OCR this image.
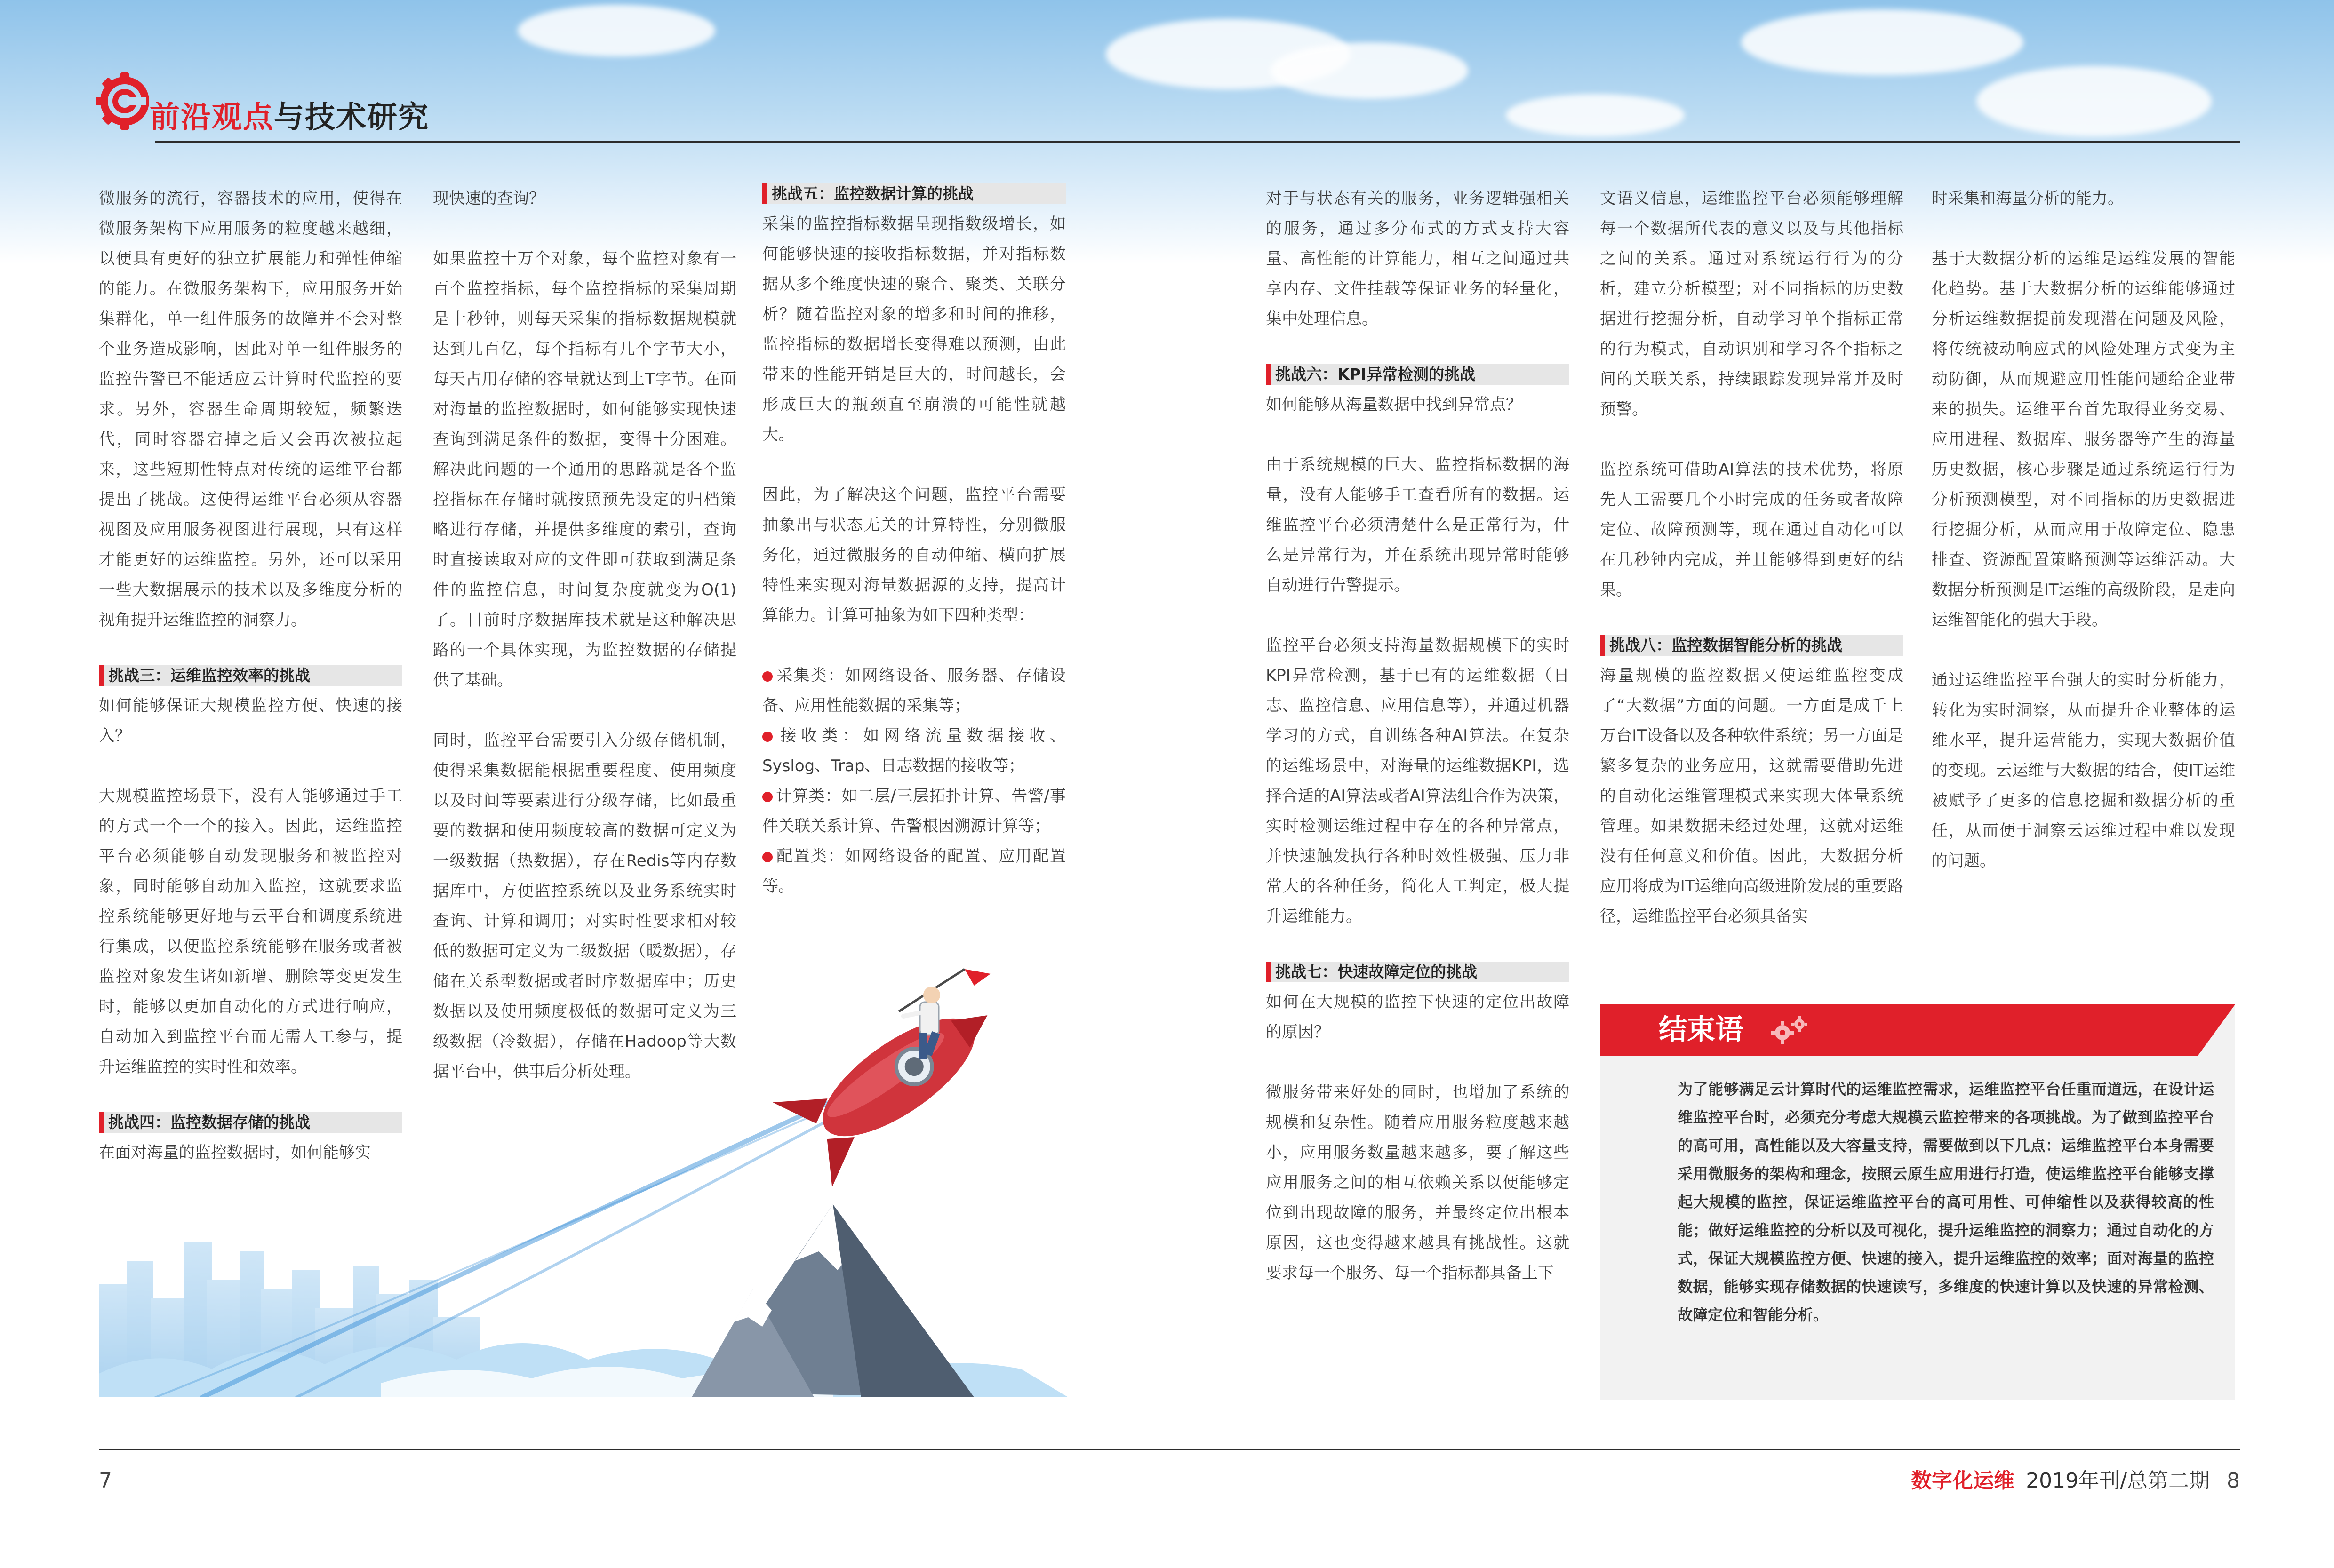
前沿观点与技术研究

微服务的流行，容器技术的应用，使得在微服务架构下应用服务的粒度越来越细，以便具有更好的独立扩展能力和弹性伸缩的能力。在微服务架构下，应用服务开始集群化，单一组件服务的故障并不会对整个业务造成影响，因此对单一组件服务的监控告警已不能适应云计算时代监控的要求。另外，容器生命周期较短，频繁迭代，同时容器宕掉之后又会再次被拉起来，这些短期性特点对传统的运维平台都提出了挑战。这使得运维平台必须从容器视图及应用服务视图进行展现，只有这样才能更好的运维监控。另外，还可以采用一些大数据展示的技术以及多维度分析的视角提升运维监控的洞察力。

挑战三：运维监控效率的挑战

如何能够保证大规模监控方便、快速的接入？

大规模监控场景下，没有人能够通过手工的方式一个一个的接入。因此，运维监控平台必须能够自动发现服务和被监控对象，同时能够自动加入监控，这就要求监控系统能够更好地与云平台和调度系统进行集成，以便监控系统能够在服务或者被监控对象发生诸如新增、删除等变更发生时，能够以更加自动化的方式进行响应，自动加入到监控平台而无需人工参与，提升运维监控的实时性和效率。

挑战四：监控数据存储的挑战

在面对海量的监控数据时，如何能够实

现快速的查询？

如果监控十万个对象，每个监控对象有一百个监控指标，每个监控指标的采集周期是十秒钟，则每天采集的指标数据规模就达到几百亿，每个指标有几个字节大小，每天占用存储的容量就达到上T字节。在面对海量的监控数据时，如何能够实现快速查询到满足条件的数据，变得十分困难。解决此问题的一个通用的思路就是各个监控指标在存储时就按照预先设定的归档策略进行存储，并提供多维度的索引，查询时直接读取对应的文件即可获取到满足条件的监控信息，时间复杂度就变为O(1)了。目前时序数据库技术就是这种解决思路的一个具体实现，为监控数据的存储提供了基础。

同时，监控平台需要引入分级存储机制，使得采集数据能根据重要程度、使用频度以及时间等要素进行分级存储，比如最重要的数据和使用频度较高的数据可定义为一级数据（热数据），存在Redis等内存数据库中，方便监控系统以及业务系统实时查询、计算和调用；对实时性要求相对较低的数据可定义为二级数据（暖数据），存储在关系型数据或者时序数据库中；历史数据以及使用频度极低的数据可定义为三级数据（冷数据），存储在Hadoop等大数据平台中，供事后分析处理。

挑战五：监控数据计算的挑战

采集的监控指标数据呈现指数级增长，如何能够快速的接收指标数据，并对指标数据从多个维度快速的聚合、聚类、关联分析？随着监控对象的增多和时间的推移，监控指标的数据增长变得难以预测，由此带来的性能开销是巨大的，时间越长，会形成巨大的瓶颈直至崩溃的可能性就越大。

因此，为了解决这个问题，监控平台需要抽象出与状态无关的计算特性，分别微服务化，通过微服务的自动伸缩、横向扩展特性来实现对海量数据源的支持，提高计算能力。计算可抽象为如下四种类型：

采集类：如网络设备、服务器、存储设备、应用性能数据的采集等；
接收类：如网络流量数据接收、Syslog、Trap、日志数据的接收等；
计算类：如二层/三层拓扑计算、告警/事件关联关系计算、告警根因溯源计算等；
配置类：如网络设备的配置、应用配置等。

对于与状态有关的服务，业务逻辑强相关的服务，通过多分布式的方式支持大容量、高性能的计算能力，相互之间通过共享内存、文件挂载等保证业务的轻量化，集中处理信息。

挑战六：KPI异常检测的挑战

如何能够从海量数据中找到异常点？

由于系统规模的巨大、监控指标数据的海量，没有人能够手工查看所有的数据。运维监控平台必须清楚什么是正常行为，什么是异常行为，并在系统出现异常时能够自动进行告警提示。

监控平台必须支持海量数据规模下的实时KPI异常检测，基于已有的运维数据（日志、监控信息、应用信息等），并通过机器学习的方式，自训练各种AI算法。在复杂的运维场景中，对海量的运维数据KPI，选择合适的AI算法或者AI算法组合作为决策，实时检测运维过程中存在的各种异常点，并快速触发执行各种时效性极强、压力非常大的各种任务，简化人工判定，极大提升运维能力。

挑战七：快速故障定位的挑战

如何在大规模的监控下快速的定位出故障的原因？

微服务带来好处的同时，也增加了系统的规模和复杂性。随着应用服务粒度越来越小，应用服务数量越来越多，要了解这些应用服务之间的相互依赖关系以便能够定位到出现故障的服务，并最终定位出根本原因，这也变得越来越具有挑战性。这就要求每一个服务、每一个指标都具备上下

文语义信息，运维监控平台必须能够理解每一个数据所代表的意义以及与其他指标之间的关系。通过对系统运行行为的分析，建立分析模型；对不同指标的历史数据进行挖掘分析，自动学习单个指标正常的行为模式，自动识别和学习各个指标之间的关联关系，持续跟踪发现异常并及时预警。

监控系统可借助AI算法的技术优势，将原先人工需要几个小时完成的任务或者故障定位、故障预测等，现在通过自动化可以在几秒钟内完成，并且能够得到更好的结果。

挑战八：监控数据智能分析的挑战

海量规模的监控数据又使运维监控变成了“大数据”方面的问题。一方面是成千上万台IT设备以及各种软件系统；另一方面是繁多复杂的业务应用，这就需要借助先进的自动化运维管理模式来实现大体量系统管理。如果数据未经过处理，这就对运维没有任何意义和价值。因此，大数据分析应用将成为IT运维向高级进阶发展的重要路径，运维监控平台必须具备实

时采集和海量分析的能力。

基于大数据分析的运维是运维发展的智能化趋势。基于大数据分析的运维能够通过分析运维数据提前发现潜在问题及风险，将传统被动响应式的风险处理方式变为主动防御，从而规避应用性能问题给企业带来的损失。运维平台首先取得业务交易、应用进程、数据库、服务器等产生的海量历史数据，核心步骤是通过系统运行行为分析预测模型，对不同指标的历史数据进行挖掘分析，从而应用于故障定位、隐患排查、资源配置策略预测等运维活动。大数据分析预测是IT运维的高级阶段，是走向运维智能化的强大手段。

通过运维监控平台强大的实时分析能力，转化为实时洞察，从而提升企业整体的运维水平，提升运营能力，实现大数据价值的变现。云运维与大数据的结合，使IT运维被赋予了更多的信息挖掘和数据分析的重任，从而便于洞察云运维过程中难以发现的问题。

结束语
为了能够满足云计算时代的运维监控需求，运维监控平台任重而道远，在设计运维监控平台时，必须充分考虑大规模云监控带来的各项挑战。为了做到监控平台的高可用，高性能以及大容量支持，需要做到以下几点：运维监控平台本身需要采用微服务的架构和理念，按照云原生应用进行打造，使运维监控平台能够支撑起大规模的监控，保证运维监控平台的高可用性、可伸缩性以及获得较高的性能；做好运维监控的分析以及可视化，提升运维监控的洞察力；通过自动化的方式，保证大规模监控方便、快速的接入，提升运维监控的效率；面对海量的监控数据，能够实现存储数据的快速读写，多维度的快速计算以及快速的异常检测、故障定位和智能分析。
7	数字化运维 2019年刊/总第二期 8
